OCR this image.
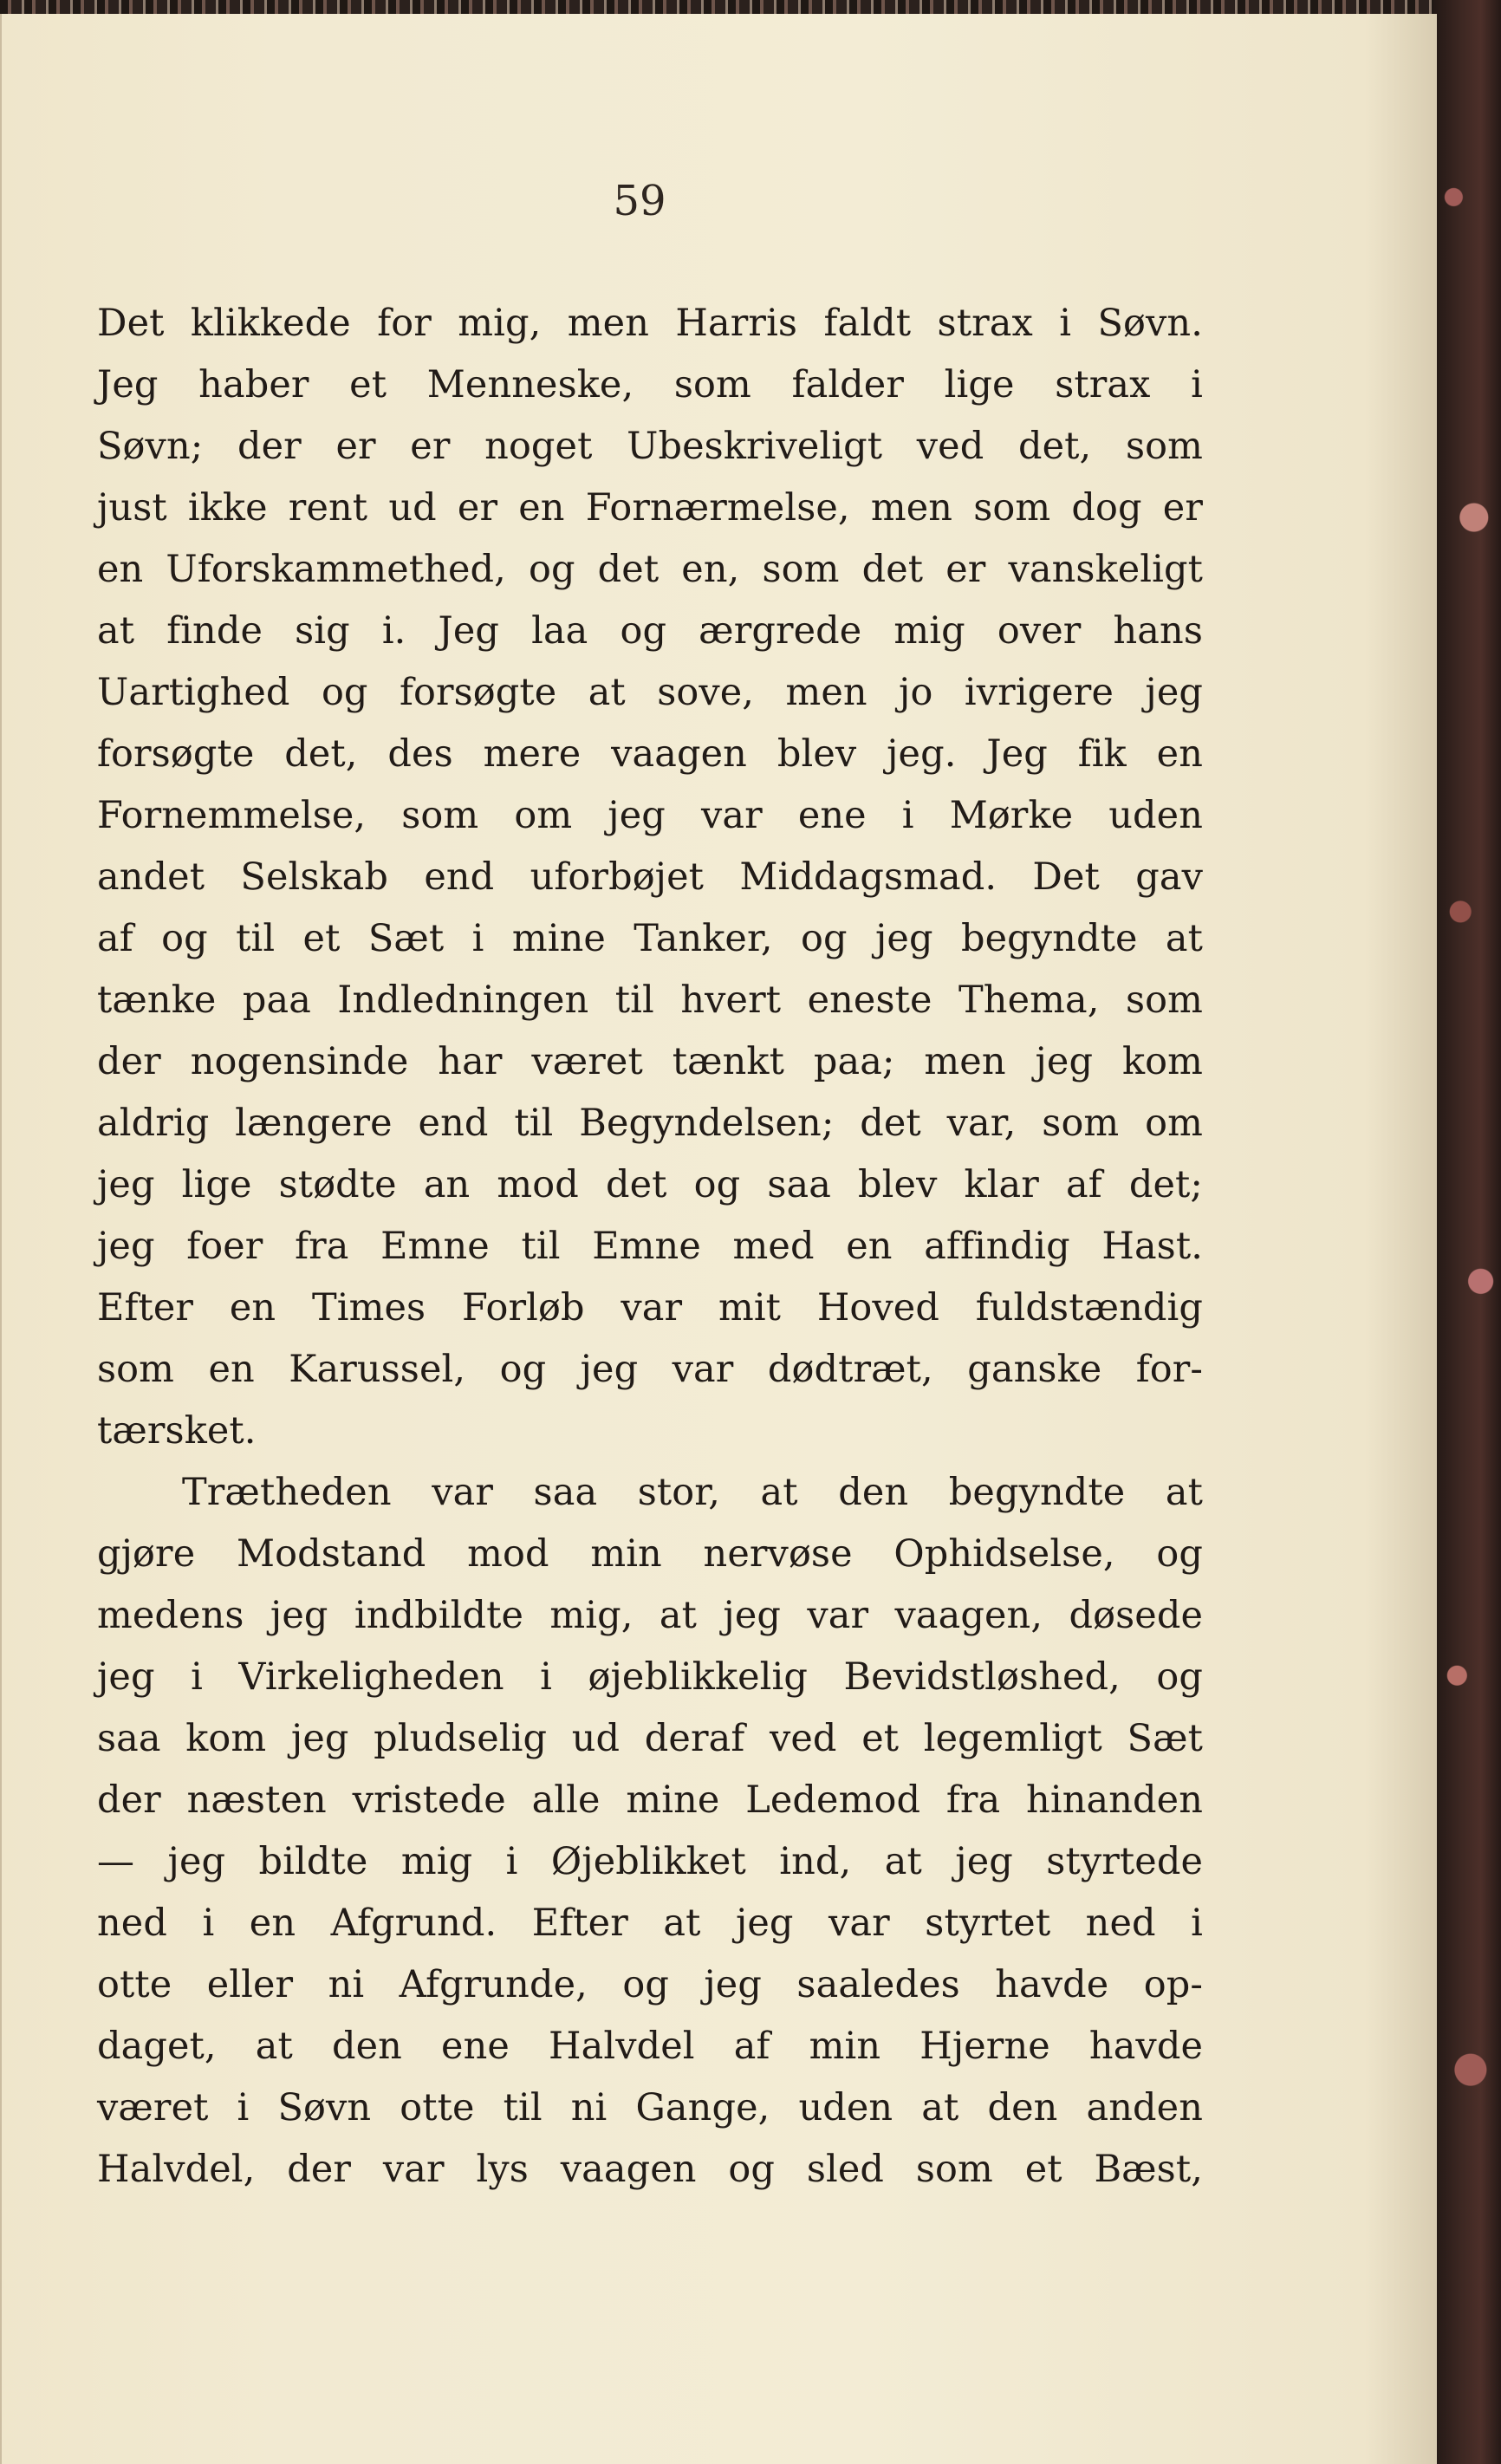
59
Det klikkede for mig, men Harris faldt strax i Søvn.
Jeg haber et Menneske, som falder lige strax i
Søvn; der er er noget Ubeskriveligt ved det, som
just ikke rent ud er en Fornærmelse, men som dog er
en Uforskammethed, og det en, som det er vanskeligt
at finde sig i. Jeg laa og ærgrede mig over hans
Uartighed og forsøgte at sove, men jo ivrigere jeg
forsøgte det, des mere vaagen blev jeg. Jeg fik en
Fornemmelse, som om jeg var ene i Mørke uden
andet Selskab end uforbøjet Middagsmad. Det gav
af og til et Sæt i mine Tanker, og jeg begyndte at
tænke paa Indledningen til hvert eneste Thema, som
der nogensinde har været tænkt paa; men jeg kom
aldrig længere end til Begyndelsen; det var, som om
jeg lige stødte an mod det og saa blev klar af det;
jeg foer fra Emne til Emne med en affindig Hast.
Efter en Times Forløb var mit Hoved fuldstændig
som en Karussel, og jeg var dødtræt, ganske for-
tærsket.
Trætheden var saa stor, at den begyndte at
gjøre Modstand mod min nervøse Ophidselse, og
medens jeg indbildte mig, at jeg var vaagen, døsede
jeg i Virkeligheden i øjeblikkelig Bevidstløshed, og
saa kom jeg pludselig ud deraf ved et legemligt Sæt
der næsten vristede alle mine Ledemod fra hinanden
— jeg bildte mig i Øjeblikket ind, at jeg styrtede
ned i en Afgrund. Efter at jeg var styrtet ned i
otte eller ni Afgrunde, og jeg saaledes havde op-
daget, at den ene Halvdel af min Hjerne havde
været i Søvn otte til ni Gange, uden at den anden
Halvdel, der var lys vaagen og sled som et Bæst,
